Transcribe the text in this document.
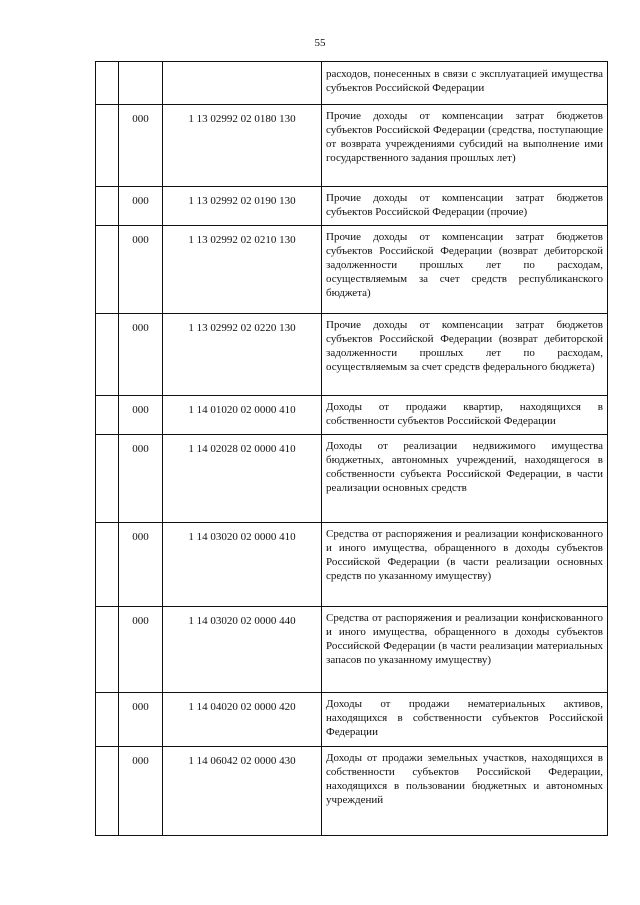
55
			расходов, понесенных в связи с эксплуатацией имущества субъектов Российской Федерации
	000	1 13 02992 02 0180 130	Прочие доходы от компенсации затрат бюджетов субъектов Российской Федерации (средства, поступающие от возврата учреждениями субсидий на выполнение ими государственного задания прошлых лет)
	000	1 13 02992 02 0190 130	Прочие доходы от компенсации затрат бюджетов субъектов Российской Федерации (прочие)
	000	1 13 02992 02 0210 130	Прочие доходы от компенсации затрат бюджетов субъектов Российской Федерации (возврат дебиторской задолженности прошлых лет по расходам, осуществляемым за счет средств республиканского бюджета)
	000	1 13 02992 02 0220 130	Прочие доходы от компенсации затрат бюджетов субъектов Российской Федерации (возврат дебиторской задолженности прошлых лет по расходам, осуществляемым за счет средств федерального бюджета)
	000	1 14 01020 02 0000 410	Доходы от продажи квартир, находящихся в собственности субъектов Российской Федерации
	000	1 14 02028 02 0000 410	Доходы от реализации недвижимого имущества бюджетных, автономных учреждений, находящегося в собственности субъекта Российской Федерации, в части реализации основных средств
	000	1 14 03020 02 0000 410	Средства от распоряжения и реализации конфискованного и иного имущества, обращенного в доходы субъектов Российской Федерации (в части реализации основных средств по указанному имуществу)
	000	1 14 03020 02 0000 440	Средства от распоряжения и реализации конфискованного и иного имущества, обращенного в доходы субъектов Российской Федерации (в части реализации материальных запасов по указанному имуществу)
	000	1 14 04020 02 0000 420	Доходы от продажи нематериальных активов, находящихся в собственности субъектов Российской Федерации
	000	1 14 06042 02 0000 430	Доходы от продажи земельных участков, находящихся в собственности субъектов Российской Федерации, находящихся в пользовании бюджетных и автономных учреждений
